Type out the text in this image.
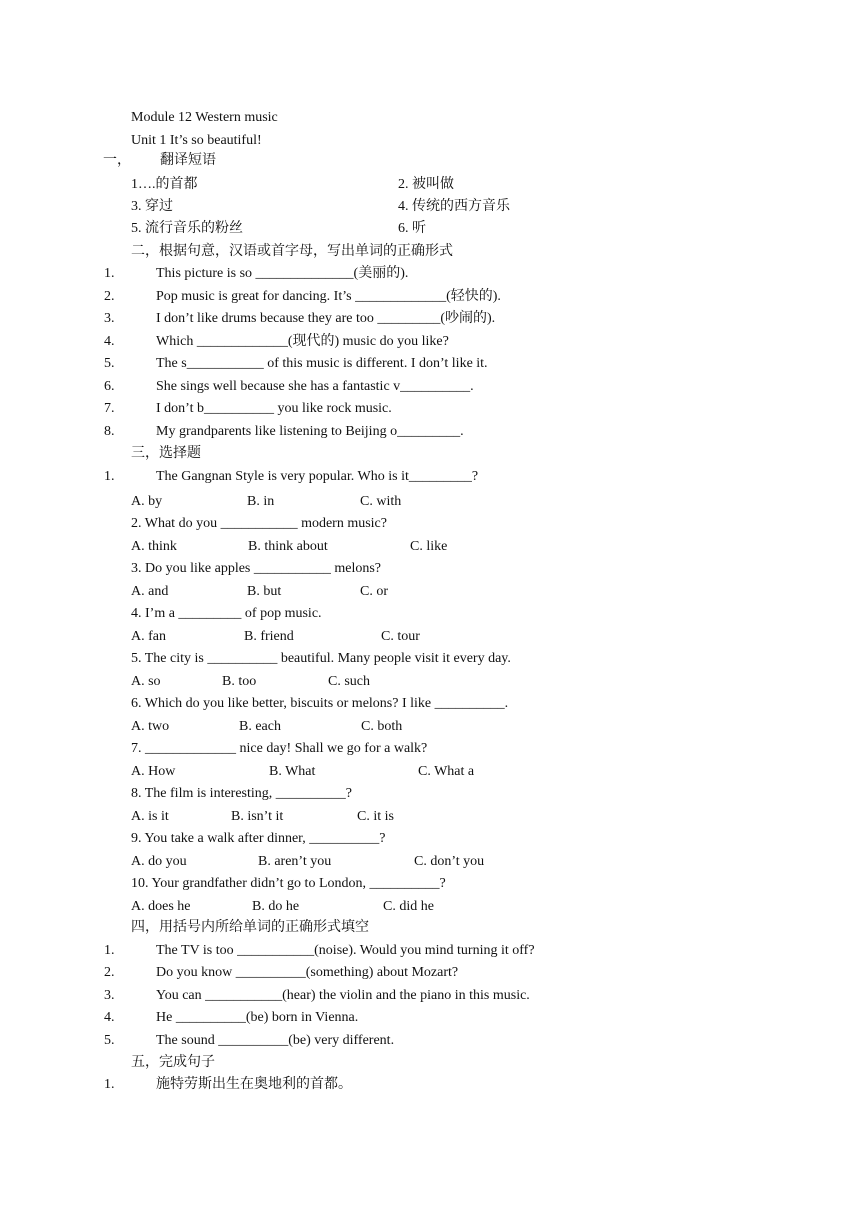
Module 12 Western music
Unit 1 It’s so beautiful!
一， 翻译短语
1….的首都	2. 被叫做
3. 穿过	4. 传统的西方音乐
5. 流行音乐的粉丝	6. 听
二，根据句意，汉语或首字母，写出单词的正确形式
1.	This picture is so ______________(美丽的).
2.	Pop music is great for dancing. It’s _____________(轻快的).
3.	I don’t like drums because they are too _________(吵闹的).
4.	Which _____________(现代的) music do you like?
5.	The s___________ of this music is different. I don’t like it.
6.	She sings well because she has a fantastic v__________.
7.	I don’t b__________ you like rock music.
8.	My grandparents like listening to Beijing o_________.
三，选择题
1.	The Gangnan Style is very popular. Who is it_________?
A. by	B. in	C. with
2. What do you ___________ modern music?
A. think	B. think about	C. like
3. Do you like apples ___________ melons?
A. and	B. but	C. or
4. I’m a _________ of pop music.
A. fan	B. friend	C. tour
5. The city is __________ beautiful. Many people visit it every day.
A. so	B. too	C. such
6. Which do you like better, biscuits or melons? I like __________.
A. two	B. each	C. both
7. _____________ nice day! Shall we go for a walk?
A. How	B. What	C. What a
8. The film is interesting, __________?
A. is it	B. isn’t it	C. it is
9. You take a walk after dinner, __________?
A. do you	B. aren’t you	C. don’t you
10. Your grandfather didn’t go to London, __________?
A. does he	B. do he	C. did he
四，用括号内所给单词的正确形式填空
1.	The TV is too ___________(noise). Would you mind turning it off?
2.	Do you know __________(something) about Mozart?
3.	You can ___________(hear) the violin and the piano in this music.
4.	He __________(be) born in Vienna.
5.	The sound __________(be) very different.
五，完成句子
1.	施特劳斯出生在奥地利的首都。
